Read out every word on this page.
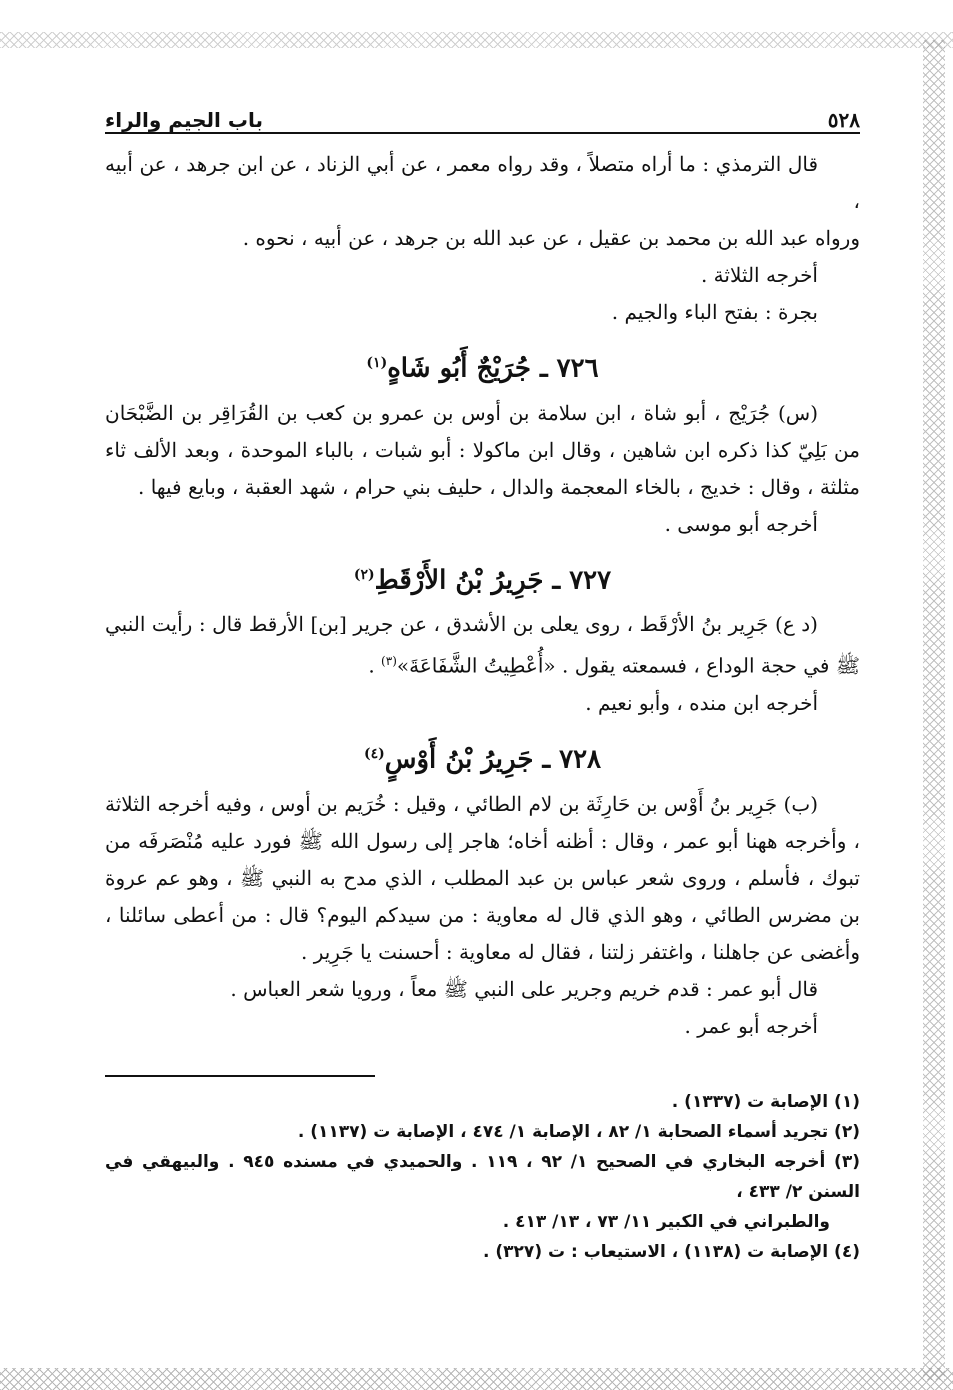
٥٢٨
باب الجيم والراء

قال الترمذي : ما أراه متصلاً ، وقد رواه معمر ، عن أبي الزناد ، عن ابن جرهد ، عن أبيه ،

ورواه عبد الله بن محمد بن عقيل ، عن عبد الله بن جرهد ، عن أبيه ، نحوه .

أخرجه الثلاثة .

بجرة : بفتح الباء والجيم .

٧٢٦ ـ جُرَيْجٌ أَبُو شَاهٍ$^{(١)}$

(س) جُرَيْج ، أبو شاة ، ابن سلامة بن أوس بن عمرو بن كعب بن القُرَاقِر بن الضَّبْحَان من بَلِيّ كذا ذكره ابن شاهين ، وقال ابن ماكولا : أبو شبات ، بالباء الموحدة ، وبعد الألف ثاء مثلثة ، وقال : خديج ، بالخاء المعجمة والدال ، حليف بني حرام ، شهد العقبة ، وبايع فيها .

أخرجه أبو موسى .

٧٢٧ ـ جَرِيرُ بْنُ الأَرْقَطِ$^{(٢)}$

(د ع) جَرِير بنُ الأرْقَط ، روى يعلى بن الأشدق ، عن جرير [بن] الأرقط قال : رأيت النبي ﷺ في حجة الوداع ، فسمعته يقول . «أُعْطِيتُ الشَّفَاعَةَ»$^{(٣)}$ .

أخرجه ابن منده ، وأبو نعيم .

٧٢٨ ـ جَرِيرُ بْنُ أَوْسٍ$^{(٤)}$

(ب) جَرِير بنُ أَوْس بن حَارِثَة بن لام الطائي ، وقيل : خُرَيم بن أوس ، وفيه أخرجه الثلاثة ، وأخرجه ههنا أبو عمر ، وقال : أظنه أخاه؛ هاجر إلى رسول الله ﷺ فورد عليه مُنْصَرفَه من تبوك ، فأسلم ، وروى شعر عباس بن عبد المطلب ، الذي مدح به النبي ﷺ ، وهو عم عروة بن مضرس الطائي ، وهو الذي قال له معاوية : من سيدكم اليوم؟ قال : من أعطى سائلنا ، وأغضى عن جاهلنا ، واغتفر زلتنا ، فقال له معاوية : أحسنت يا جَرِير .

قال أبو عمر : قدم خريم وجرير على النبي ﷺ معاً ، ورويا شعر العباس .

أخرجه أبو عمر .

(١) الإصابة ت (١٣٣٧) .

(٢) تجريد أسماء الصحابة ١/ ٨٢ ، الإصابة ١/ ٤٧٤ ، الإصابة ت (١١٣٧) .

(٣) أخرجه البخاري في الصحيح ١/ ٩٢ ، ١١٩ . والحميدي في مسنده ٩٤٥ . والبيهقي في السنن ٢/ ٤٣٣ ،

والطبراني في الكبير ١١/ ٧٣ ، ١٣/ ٤١٣ .

(٤) الإصابة ت (١١٣٨) ، الاستيعاب : ت (٣٢٧) .
